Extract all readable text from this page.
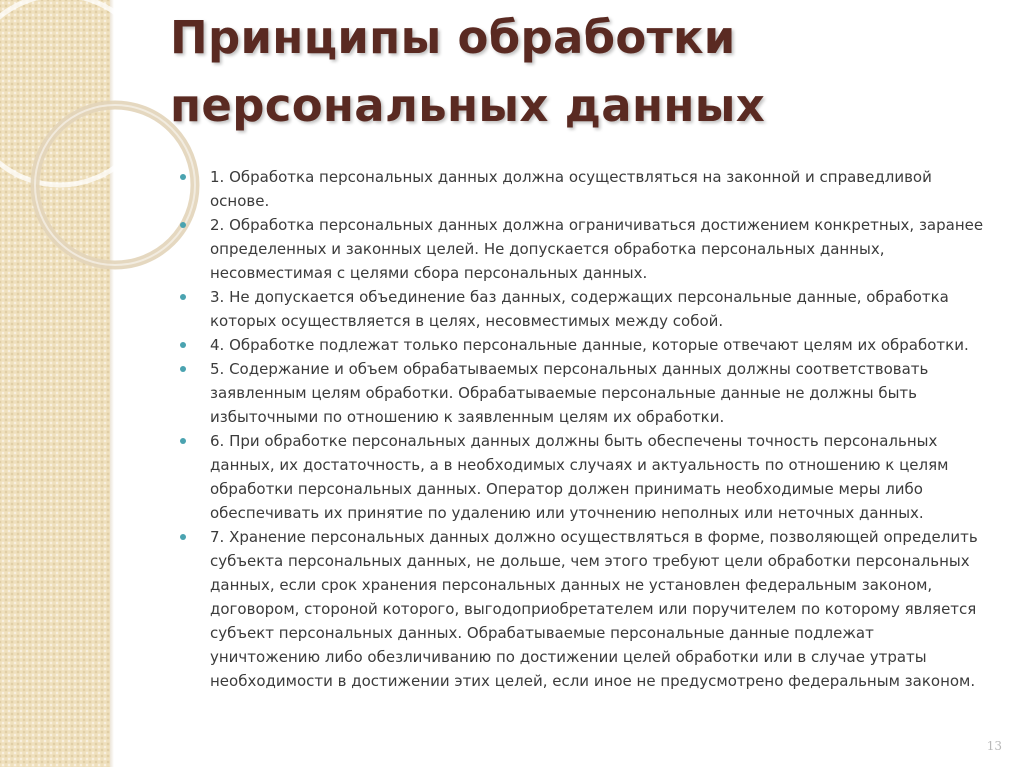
Принципы обработки
персональных данных
1. Обработка персональных данных должна осуществляться на законной и справедливой основе.
2. Обработка персональных данных должна ограничиваться достижением конкретных, заранее определенных и законных целей. Не допускается обработка персональных данных, несовместимая с целями сбора персональных данных.
3. Не допускается объединение баз данных, содержащих персональные данные, обработка которых осуществляется в целях, несовместимых между собой.
4. Обработке подлежат только персональные данные, которые отвечают целям их обработки.
5. Содержание и объем обрабатываемых персональных данных должны соответствовать заявленным целям обработки. Обрабатываемые персональные данные не должны быть избыточными по отношению к заявленным целям их обработки.
6. При обработке персональных данных должны быть обеспечены точность персональных данных, их достаточность, а в необходимых случаях и актуальность по отношению к целям обработки персональных данных. Оператор должен принимать необходимые меры либо обеспечивать их принятие по удалению или уточнению неполных или неточных данных.
7. Хранение персональных данных должно осуществляться в форме, позволяющей определить субъекта персональных данных, не дольше, чем этого требуют цели обработки персональных данных, если срок хранения персональных данных не установлен федеральным законом, договором, стороной которого, выгодоприобретателем или поручителем по которому является субъект персональных данных. Обрабатываемые персональные данные подлежат уничтожению либо обезличиванию по достижении целей обработки или в случае утраты необходимости в достижении этих целей, если иное не предусмотрено федеральным законом.
13
